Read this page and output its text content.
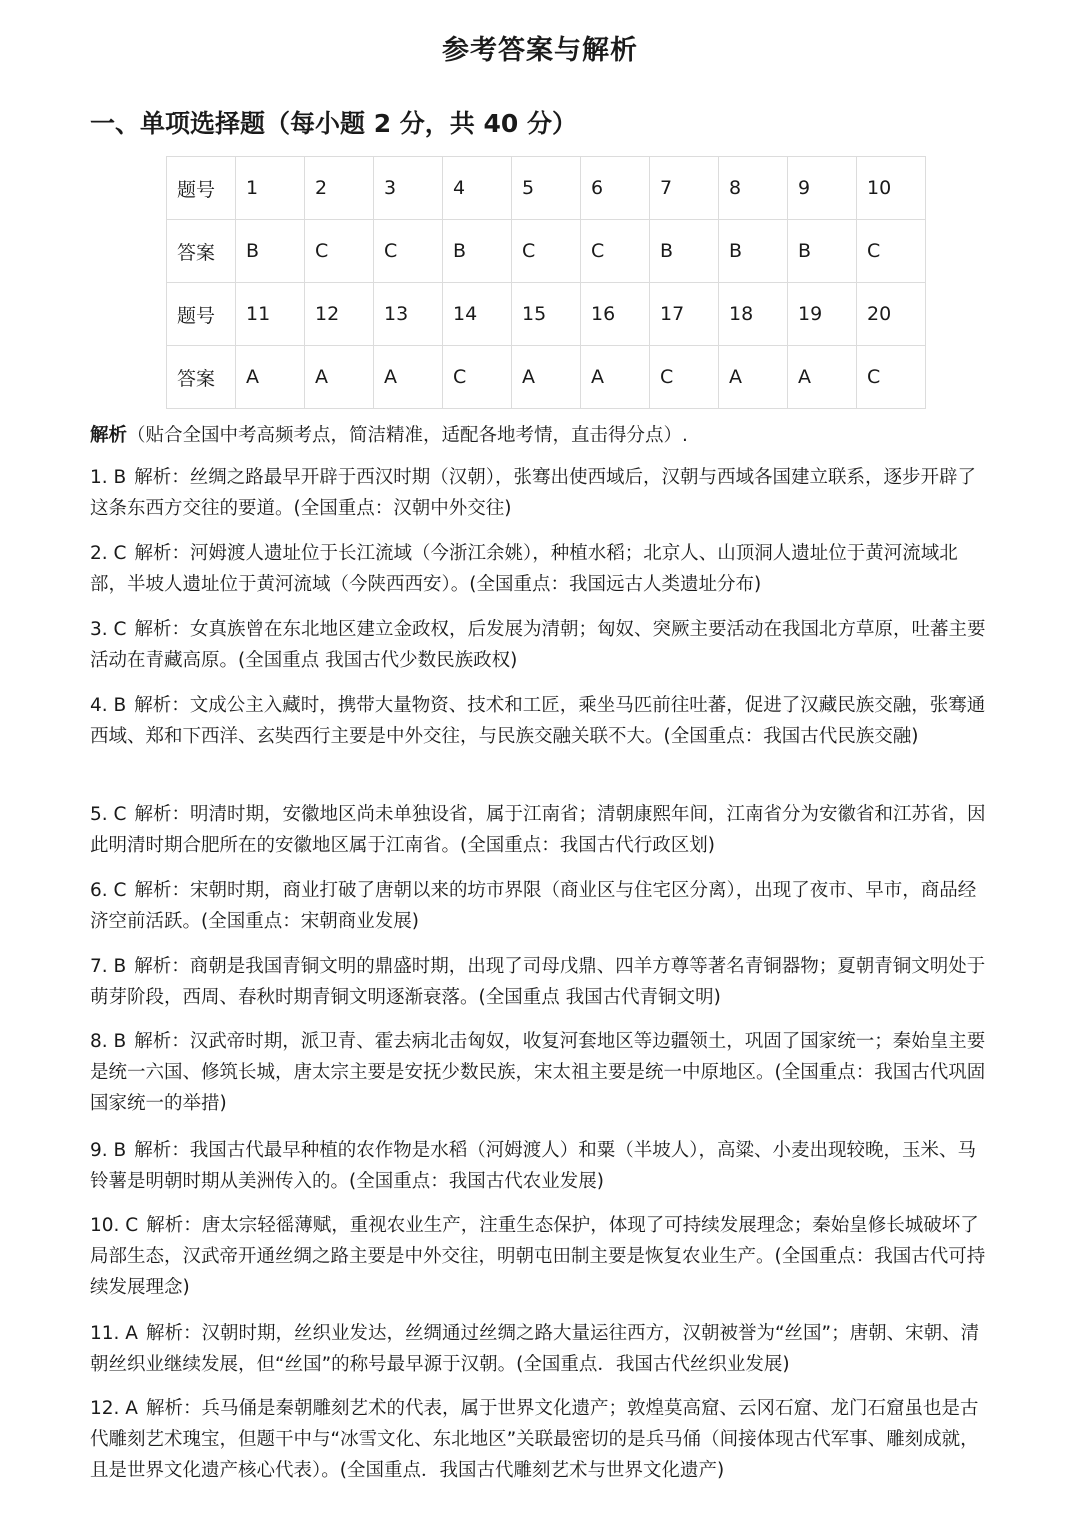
参考答案与解析
一、单项选择题（每小题 2 分，共 40 分）
题号	1	2	3	4	5	6	7	8	9	10
答案	B	C	C	B	C	C	B	B	B	C
题号	11	12	13	14	15	16	17	18	19	20
答案	A	A	A	C	A	A	C	A	A	C
解析（贴合全国中考高频考点，简洁精准，适配各地考情，直击得分点）.

1. B 解析：丝绸之路最早开辟于西汉时期（汉朝），张骞出使西域后，汉朝与西域各国建立联系，逐步开辟了这条东西方交往的要道。(全国重点：汉朝中外交往)

2. C 解析：河姆渡人遗址位于长江流域（今浙江余姚），种植水稻；北京人、山顶洞人遗址位于黄河流域北部，半坡人遗址位于黄河流域（今陕西西安）。(全国重点：我国远古人类遗址分布)

3. C 解析：女真族曾在东北地区建立金政权，后发展为清朝；匈奴、突厥主要活动在我国北方草原，吐蕃主要活动在青藏高原。(全国重点 我国古代少数民族政权)

4. B 解析：文成公主入藏时，携带大量物资、技术和工匠，乘坐马匹前往吐蕃，促进了汉藏民族交融，张骞通西域、郑和下西洋、玄奘西行主要是中外交往，与民族交融关联不大。(全国重点：我国古代民族交融)

5. C 解析：明清时期，安徽地区尚未单独设省，属于江南省；清朝康熙年间，江南省分为安徽省和江苏省，因此明清时期合肥所在的安徽地区属于江南省。(全国重点：我国古代行政区划)

6. C 解析：宋朝时期，商业打破了唐朝以来的坊市界限（商业区与住宅区分离），出现了夜市、早市，商品经济空前活跃。(全国重点：宋朝商业发展)

7. B 解析：商朝是我国青铜文明的鼎盛时期，出现了司母戊鼎、四羊方尊等著名青铜器物；夏朝青铜文明处于萌芽阶段，西周、春秋时期青铜文明逐渐衰落。(全国重点 我国古代青铜文明)

8. B 解析：汉武帝时期，派卫青、霍去病北击匈奴，收复河套地区等边疆领土，巩固了国家统一；秦始皇主要是统一六国、修筑长城，唐太宗主要是安抚少数民族，宋太祖主要是统一中原地区。(全国重点：我国古代巩固国家统一的举措)

9. B 解析：我国古代最早种植的农作物是水稻（河姆渡人）和粟（半坡人），高粱、小麦出现较晚，玉米、马铃薯是明朝时期从美洲传入的。(全国重点：我国古代农业发展)

10. C 解析：唐太宗轻徭薄赋，重视农业生产，注重生态保护，体现了可持续发展理念；秦始皇修长城破坏了局部生态，汉武帝开通丝绸之路主要是中外交往，明朝屯田制主要是恢复农业生产。(全国重点：我国古代可持续发展理念)

11. A 解析：汉朝时期，丝织业发达，丝绸通过丝绸之路大量运往西方，汉朝被誉为“丝国”；唐朝、宋朝、清朝丝织业继续发展，但“丝国”的称号最早源于汉朝。(全国重点．我国古代丝织业发展)

12. A 解析：兵马俑是秦朝雕刻艺术的代表，属于世界文化遗产；敦煌莫高窟、云冈石窟、龙门石窟虽也是古代雕刻艺术瑰宝，但题干中与“冰雪文化、东北地区”关联最密切的是兵马俑（间接体现古代军事、雕刻成就，且是世界文化遗产核心代表）。(全国重点．我国古代雕刻艺术与世界文化遗产)
